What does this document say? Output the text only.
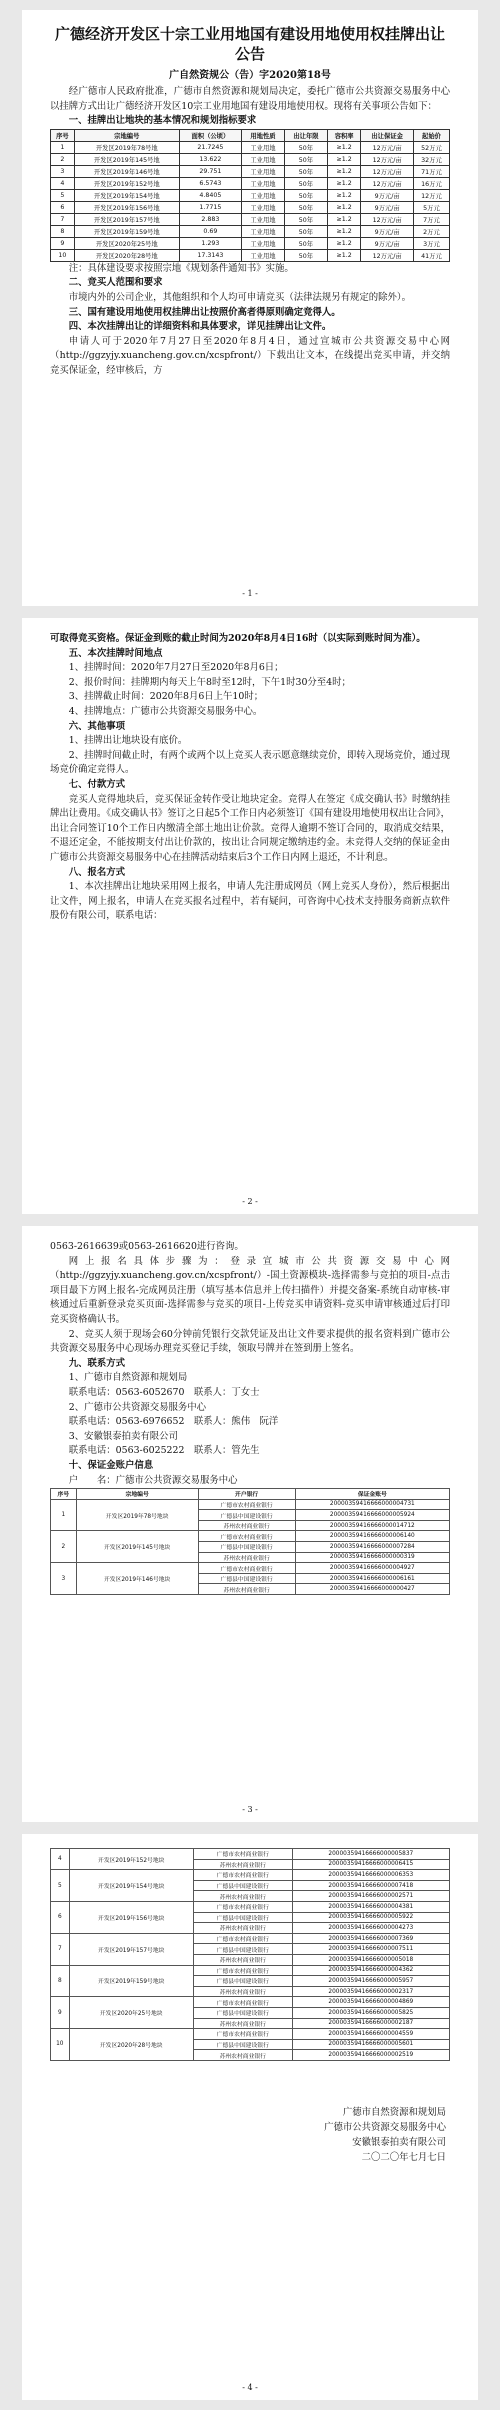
广德经济开发区十宗工业用地国有建设用地使用权挂牌出让公告
广自然资规公（告）字2020第18号

经广德市人民政府批准，广德市自然资源和规划局决定，委托广德市公共资源交易服务中心以挂牌方式出让广德经济开发区10宗工业用地国有建设用地使用权。现将有关事项公告如下：

一、挂牌出让地块的基本情况和规划指标要求

序号	宗地编号	面积（公顷）	用地性质	出让年限	容积率	出让保证金	起始价
1	开发区2019年78号地	21.7245	工业用地	50年	≥1.2	12万元/亩	52万元
2	开发区2019年145号地	13.622	工业用地	50年	≥1.2	12万元/亩	32万元
3	开发区2019年146号地	29.751	工业用地	50年	≥1.2	12万元/亩	71万元
4	开发区2019年152号地	6.5743	工业用地	50年	≥1.2	12万元/亩	16万元
5	开发区2019年154号地	4.8405	工业用地	50年	≥1.2	9万元/亩	12万元
6	开发区2019年156号地	1.7715	工业用地	50年	≥1.2	9万元/亩	5万元
7	开发区2019年157号地	2.883	工业用地	50年	≥1.2	12万元/亩	7万元
8	开发区2019年159号地	0.69	工业用地	50年	≥1.2	9万元/亩	2万元
9	开发区2020年25号地	1.293	工业用地	50年	≥1.2	9万元/亩	3万元
10	开发区2020年28号地	17.3143	工业用地	50年	≥1.2	12万元/亩	41万元

注：具体建设要求按照宗地《规划条件通知书》实施。

二、竞买人范围和要求

市境内外的公司企业，其他组织和个人均可申请竞买（法律法规另有规定的除外）。

三、国有建设用地使用权挂牌出让按照价高者得原则确定竞得人。

四、本次挂牌出让的详细资料和具体要求，详见挂牌出让文件。

申请人可于2020年7月27日至2020年8月4日，通过宣城市公共资源交易中心网（http://ggzyjy.xuancheng.gov.cn/xcspfront/）下载出让文本，在线提出竞买申请，并交纳竞买保证金，经审核后，方

- 1 -

可取得竞买资格。保证金到账的截止时间为2020年8月4日16时（以实际到账时间为准）。

五、本次挂牌时间地点

1、挂牌时间：2020年7月27日至2020年8月6日；

2、报价时间：挂牌期内每天上午8时至12时，下午1时30分至4时；

3、挂牌截止时间：2020年8月6日上午10时；

4、挂牌地点：广德市公共资源交易服务中心。

六、其他事项

1、挂牌出让地块设有底价。

2、挂牌时间截止时，有两个或两个以上竞买人表示愿意继续竞价，即转入现场竞价，通过现场竞价确定竞得人。

七、付款方式

竞买人竞得地块后，竞买保证金转作受让地块定金。竞得人在签定《成交确认书》时缴纳挂牌出让费用。《成交确认书》签订之日起5个工作日内必须签订《国有建设用地使用权出让合同》，出让合同签订10个工作日内缴清全部土地出让价款。竞得人逾期不签订合同的，取消成交结果，不退还定金，不能按期支付出让价款的，按出让合同规定缴纳违约金。未竞得人交纳的保证金由广德市公共资源交易服务中心在挂牌活动结束后3个工作日内网上退还，不计利息。

八、报名方式

1、本次挂牌出让地块采用网上报名，申请人先注册成网员（网上竞买人身份），然后根据出让文件，网上报名，申请人在竞买报名过程中，若有疑问，可咨询中心技术支持服务商新点软件股份有限公司，联系电话：

- 2 -

0563-2616639或0563-2616620进行咨询。

网上报名具体步骤为：登录宣城市公共资源交易中心网（http://ggzyjy.xuancheng.gov.cn/xcspfront/）-国土资源模块-选择需参与竞拍的项目-点击项目最下方网上报名-完成网员注册（填写基本信息并上传扫描件）并提交备案-系统自动审核-审核通过后重新登录竞买页面-选择需参与竞买的项目-上传竞买申请资料-竞买申请审核通过后打印竞买资格确认书。

2、竞买人须于现场会60分钟前凭银行交款凭证及出让文件要求提供的报名资料到广德市公共资源交易服务中心现场办理竞买登记手续，领取号牌并在签到册上签名。

九、联系方式

1、广德市自然资源和规划局

联系电话：0563-6052670　联系人：丁女士

2、广德市公共资源交易服务中心

联系电话：0563-6976652　联系人：熊伟　阮洋

3、安徽银泰拍卖有限公司

联系电话：0563-6025222　联系人：管先生

十、保证金账户信息

户　　名：广德市公共资源交易服务中心

序号	宗地编号	开户银行	保证金账号
1	开发区2019年78号地块	广德市农村商业银行	20000359416666000004731
		广德县中国建设银行	20000359416666000005924
		苏州农村商业银行	20000359416666000014712
2	开发区2019年145号地块	广德市农村商业银行	20000359416666000006140
		广德县中国建设银行	20000359416666000007284
		苏州农村商业银行	20000359416666000000319
3	开发区2019年146号地块	广德市农村商业银行	20000359416666000004927
		广德县中国建设银行	20000359416666000006161
		苏州农村商业银行	20000359416666000000427
- 3 -
4	开发区2019年152号地块	广德市农村商业银行	20000359416666000005837
		苏州农村商业银行	20000359416666000006415
5	开发区2019年154号地块	广德市农村商业银行	20000359416666000006353
		广德县中国建设银行	20000359416666000007418
		苏州农村商业银行	20000359416666000002571
6	开发区2019年156号地块	广德市农村商业银行	20000359416666000004381
		广德县中国建设银行	20000359416666000005922
		苏州农村商业银行	20000359416666000004273
7	开发区2019年157号地块	广德市农村商业银行	20000359416666000007369
		广德县中国建设银行	20000359416666000007511
		苏州农村商业银行	20000359416666000005018
8	开发区2019年159号地块	广德市农村商业银行	20000359416666000004362
		广德县中国建设银行	20000359416666000005957
		苏州农村商业银行	20000359416666000002317
9	开发区2020年25号地块	广德市农村商业银行	20000359416666000004869
		广德县中国建设银行	20000359416666000005825
		苏州农村商业银行	20000359416666000002187
10	开发区2020年28号地块	广德市农村商业银行	20000359416666000004559
		广德县中国建设银行	20000359416666000005601
		苏州农村商业银行	20000359416666000002519
广德市自然资源和规划局
广德市公共资源交易服务中心
安徽银泰拍卖有限公司
二〇二〇年七月七日
- 4 -
